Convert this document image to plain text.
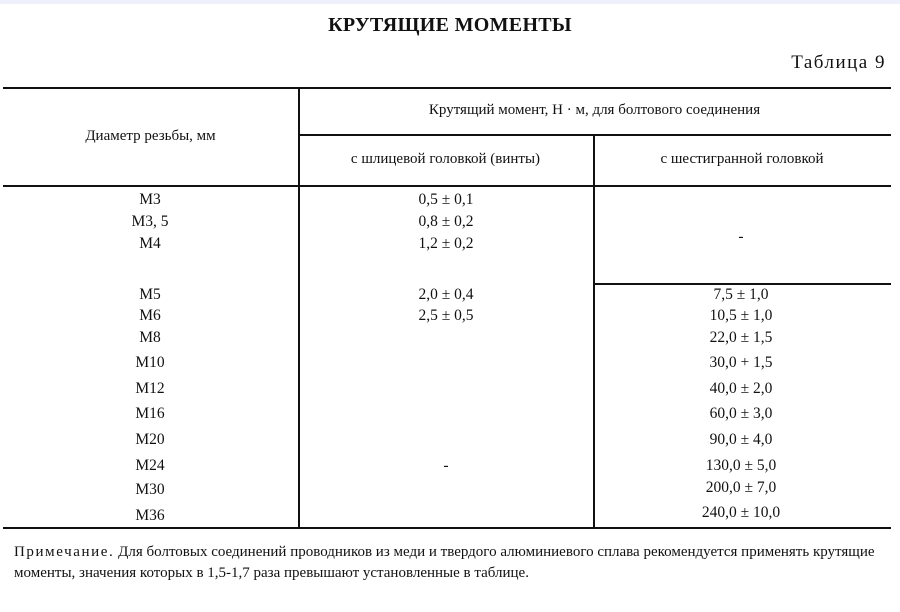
КРУТЯЩИЕ МОМЕНТЫ
Таблица 9
Диаметр резьбы, мм
Крутящий момент, Н · м, для болтового соединения
с шлицевой головкой (винты)	с шестигранной головкой
М3
М3, 5
М4
М5
М6
М8
М10
М12
М16
М20
М24
М30
М36
0,5 ± 0,1
0,8 ± 0,2
1,2 ± 0,2
2,0 ± 0,4
2,5 ± 0,5
-
-
7,5 ± 1,0
10,5 ± 1,0
22,0 ± 1,5
30,0 + 1,5
40,0 ± 2,0
60,0 ± 3,0
90,0 ± 4,0
130,0 ± 5,0
200,0 ± 7,0
240,0 ± 10,0
Примечание. Для болтовых соединений проводников из меди и твердого алюминиевого сплава рекомендуется применять крутящие моменты, значения которых в 1,5-1,7 раза превышают установленные в таблице.
